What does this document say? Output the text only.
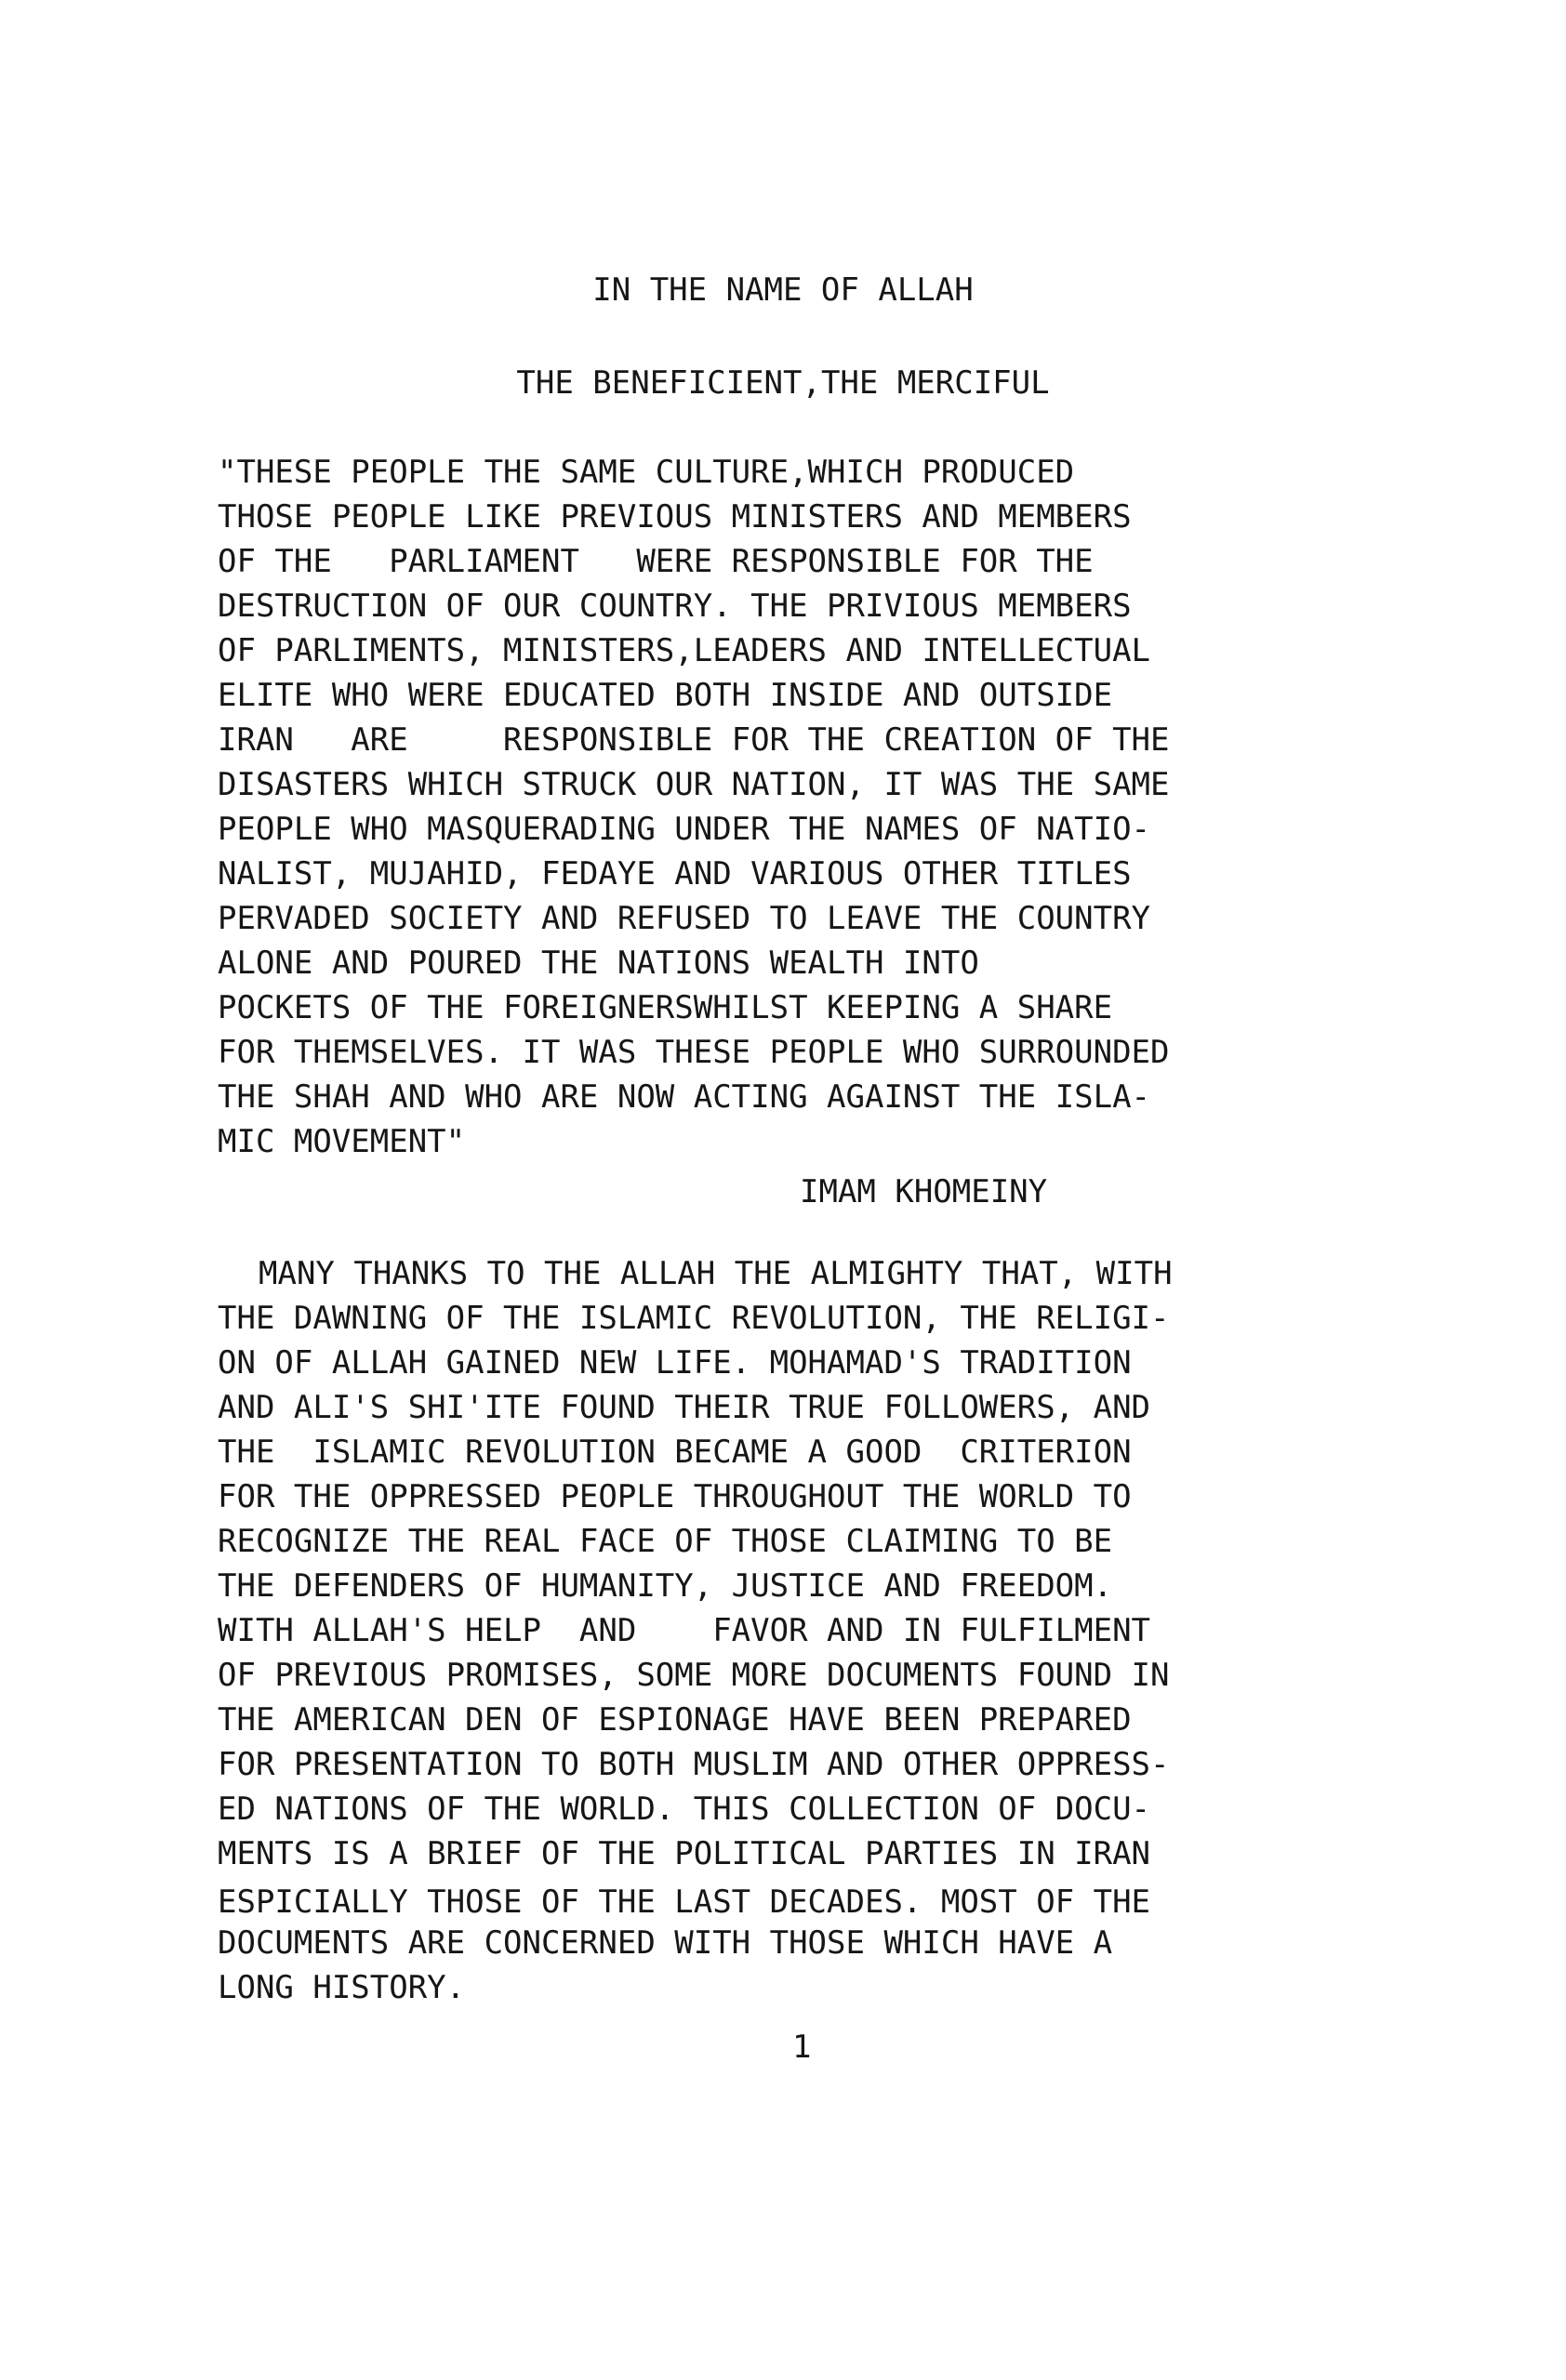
IN THE NAME OF ALLAH
THE BENEFICIENT,THE MERCIFUL
"THESE PEOPLE THE SAME CULTURE,WHICH PRODUCED
THOSE PEOPLE LIKE PREVIOUS MINISTERS AND MEMBERS
OF THE   PARLIAMENT   WERE RESPONSIBLE FOR THE
DESTRUCTION OF OUR COUNTRY. THE PRIVIOUS MEMBERS
OF PARLIMENTS, MINISTERS,LEADERS AND INTELLECTUAL
ELITE WHO WERE EDUCATED BOTH INSIDE AND OUTSIDE
IRAN   ARE     RESPONSIBLE FOR THE CREATION OF THE
DISASTERS WHICH STRUCK OUR NATION, IT WAS THE SAME
PEOPLE WHO MASQUERADING UNDER THE NAMES OF NATIO-
NALIST, MUJAHID, FEDAYE AND VARIOUS OTHER TITLES
PERVADED SOCIETY AND REFUSED TO LEAVE THE COUNTRY
ALONE AND POURED THE NATIONS WEALTH INTO
POCKETS OF THE FOREIGNERSWHILST KEEPING A SHARE
FOR THEMSELVES. IT WAS THESE PEOPLE WHO SURROUNDED
THE SHAH AND WHO ARE NOW ACTING AGAINST THE ISLA-
MIC MOVEMENT"
IMAM KHOMEINY
MANY THANKS TO THE ALLAH THE ALMIGHTY THAT, WITH
THE DAWNING OF THE ISLAMIC REVOLUTION, THE RELIGI-
ON OF ALLAH GAINED NEW LIFE. MOHAMAD'S TRADITION
AND ALI'S SHI'ITE FOUND THEIR TRUE FOLLOWERS, AND
THE  ISLAMIC REVOLUTION BECAME A GOOD  CRITERION
FOR THE OPPRESSED PEOPLE THROUGHOUT THE WORLD TO
RECOGNIZE THE REAL FACE OF THOSE CLAIMING TO BE
THE DEFENDERS OF HUMANITY, JUSTICE AND FREEDOM.
WITH ALLAH'S HELP  AND    FAVOR AND IN FULFILMENT
OF PREVIOUS PROMISES, SOME MORE DOCUMENTS FOUND IN
THE AMERICAN DEN OF ESPIONAGE HAVE BEEN PREPARED
FOR PRESENTATION TO BOTH MUSLIM AND OTHER OPPRESS-
ED NATIONS OF THE WORLD. THIS COLLECTION OF DOCU-
MENTS IS A BRIEF OF THE POLITICAL PARTIES IN IRAN
ESPICIALLY THOSE OF THE LAST DECADES. MOST OF THE
DOCUMENTS ARE CONCERNED WITH THOSE WHICH HAVE A
LONG HISTORY.
1
